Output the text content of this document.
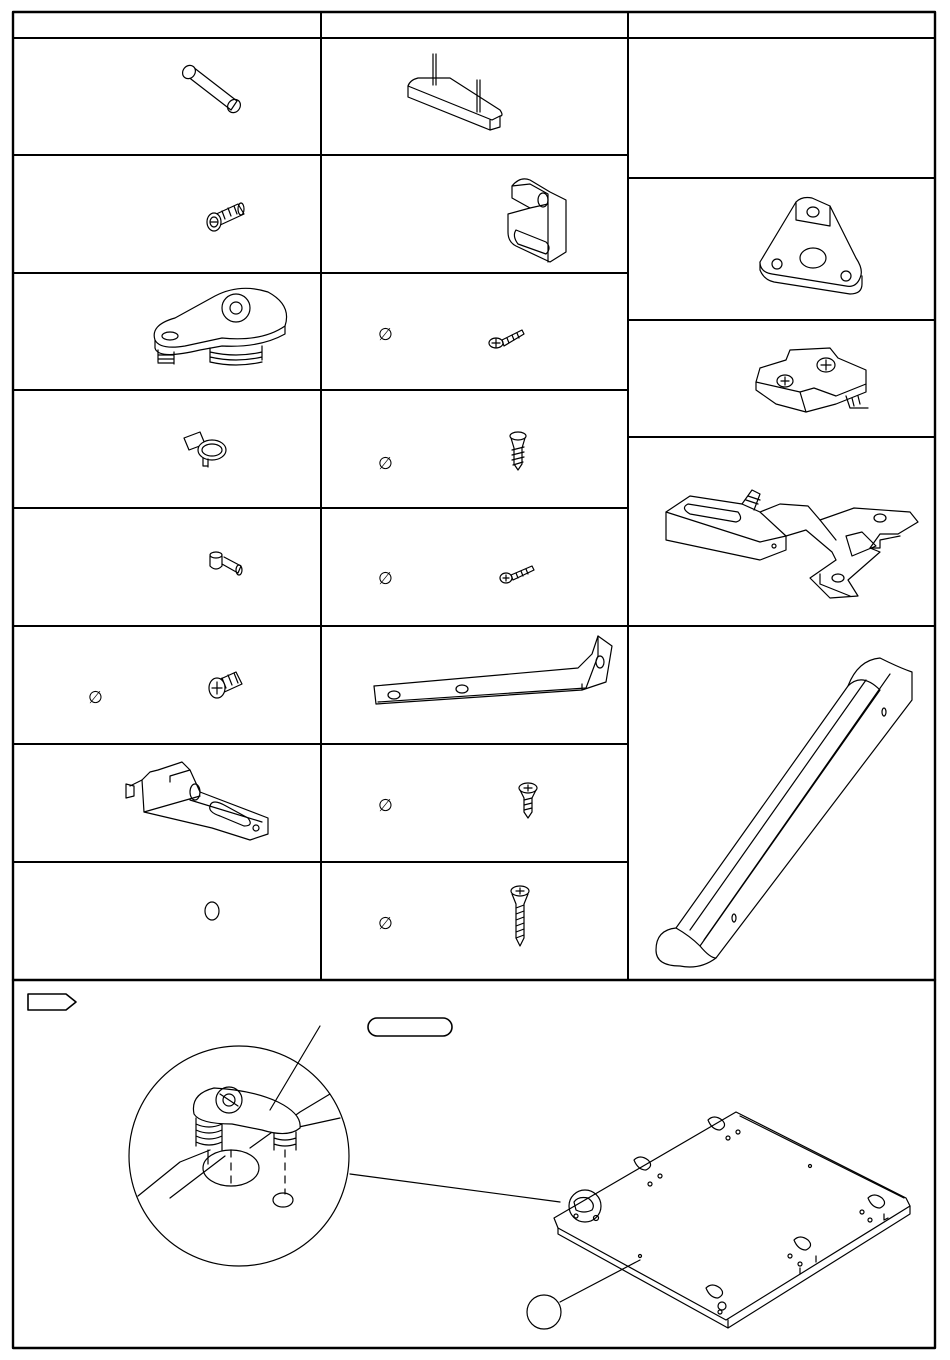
∅
∅
∅
∅
∅
∅
